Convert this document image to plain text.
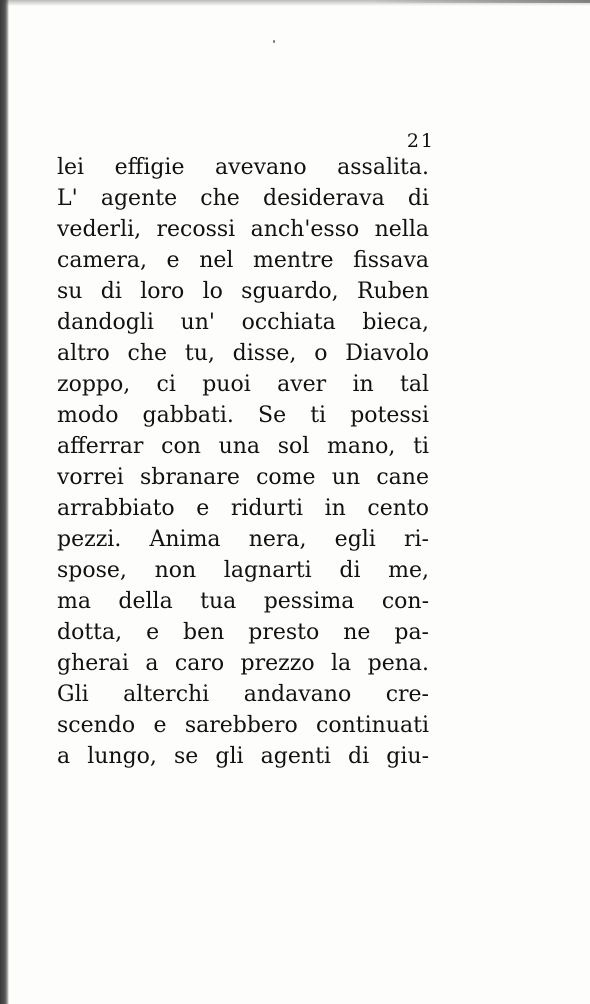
21
lei effigie avevano assalita.
L' agente che desiderava di
vederli, recossi anch'esso nella
camera, e nel mentre fissava
su di loro lo sguardo, Ruben
dandogli un' occhiata bieca,
altro che tu, disse, o Diavolo
zoppo, ci puoi aver in tal
modo gabbati. Se ti potessi
afferrar con una sol mano, ti
vorrei sbranare come un cane
arrabbiato e ridurti in cento
pezzi. Anima nera, egli ri-
spose, non lagnarti di me,
ma della tua pessima con-
dotta, e ben presto ne pa-
gherai a caro prezzo la pena.
Gli alterchi andavano cre-
scendo e sarebbero continuati
a lungo, se gli agenti di giu-
